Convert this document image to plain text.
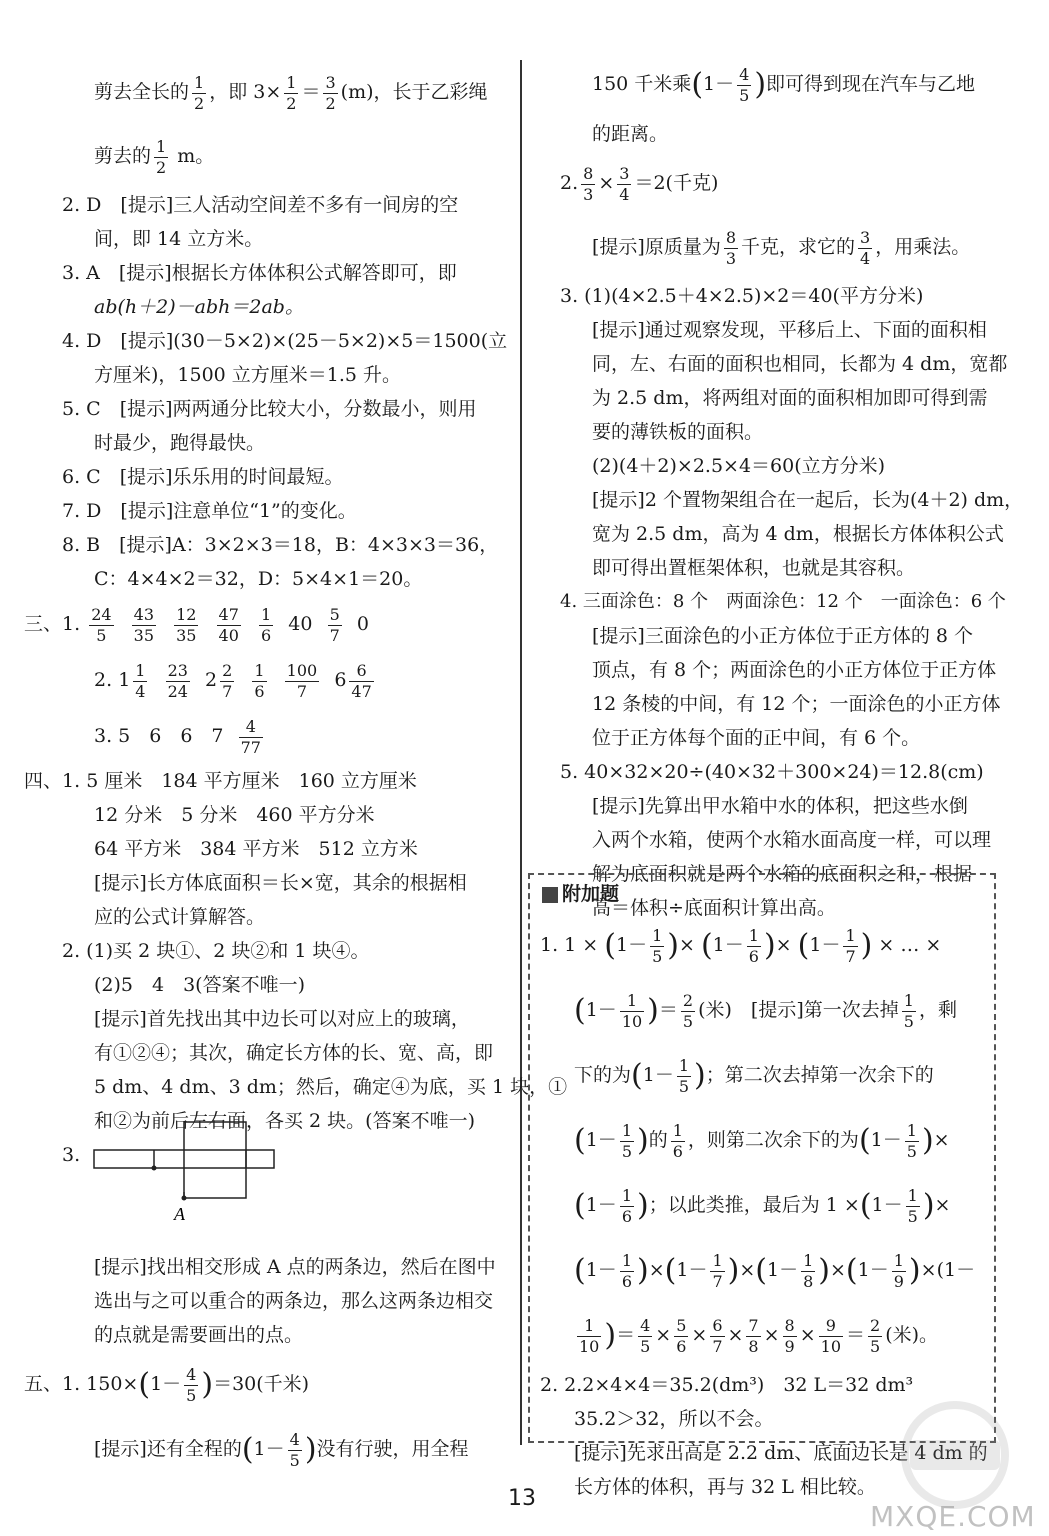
剪去全长的 $\frac{1}{2}$ ，即 $3\times \frac{1}{2} = \frac{3}{2} (m)$，长于乙彩绳
剪去的 $\frac{1}{2}$ m。
2. D　[提示]三人活动空间差不多有一间房的空
间，即 14 立方米。
3. A　[提示]根据长方体体积公式解答即可，即
ab(h＋2)－abh＝2ab。
4. D　[提示](30－5×2)×(25－5×2)×5＝1500(立
方厘米)，1500 立方厘米＝1.5 升。
5. C　[提示]两两通分比较大小，分数最小，则用
时最少，跑得最快。
6. C　[提示]乐乐用的时间最短。
7. D　[提示]注意单位“1”的变化。
8. B　[提示]A：3×2×3＝18，B：4×3×3＝36，
C：4×4×2＝32，D：5×4×1＝20。
三、1. $\frac{24}{5}$
$\frac{43}{35}$
$\frac{12}{35}$
$\frac{47}{40}$
$\frac{1}{6} 40 \frac{5}{7} 0$
2. $1 \frac{1}{4}$
$\frac{23}{24} 2 \frac{2}{7}$
$\frac{1}{6}$
$\frac{100}{7} 6 \frac{6}{47}$
3. 5　6　6　$7 \frac{4}{77}$
四、1. 5 厘米　184 平方厘米　160 立方厘米
12 分米　5 分米　460 平方分米
64 平方米　384 平方米　512 立方米
[提示]长方体底面积＝长×宽，其余的根据相
应的公式计算解答。
2. (1)买 2 块①、2 块②和 1 块④。
(2)5　4　3(答案不唯一)
[提示]首先找出其中边长可以对应上的玻璃，
有①②④；其次，确定长方体的长、宽、高，即
5 dm、4 dm、3 dm；然后，确定④为底，买 1 块，①
和②为前后左右面，各买 2 块。(答案不唯一)
3.
[提示]找出相交形成 A 点的两条边，然后在图中
选出与之可以重合的两条边，那么这两条边相交
的点就是需要画出的点。
五、1. $150\times(1- \frac{4}{5} )=30$(千米)
[提示]还有全程的($1- \frac{4}{5}$ )没有行驶，用全程
A
150 千米乘($1- \frac{4}{5}$ )即可得到现在汽车与乙地
的距离。
2. $\frac{8}{3} \times \frac{3}{4} =2$(千克)
[提示]原质量为 $\frac{8}{3}$ 千克，求它的 $\frac{3}{4}$ ，用乘法。
3. (1)(4×2.5＋4×2.5)×2＝40(平方分米)
[提示]通过观察发现，平移后上、下面的面积相
同，左、右面的面积也相同，长都为 4 dm，宽都
为 2.5 dm，将两组对面的面积相加即可得到需
要的薄铁板的面积。
(2)(4＋2)×2.5×4＝60(立方分米)
[提示]2 个置物架组合在一起后，长为(4＋2) dm，
宽为 2.5 dm，高为 4 dm，根据长方体体积公式
即可得出置框架体积，也就是其容积。
4. 三面涂色：8 个　两面涂色：12 个　一面涂色：6 个
[提示]三面涂色的小正方体位于正方体的 8 个
顶点，有 8 个；两面涂色的小正方体位于正方体
12 条棱的中间，有 12 个；一面涂色的小正方体
位于正方体每个面的正中间，有 6 个。
5. 40×32×20÷(40×32＋300×24)＝12.8(cm)
[提示]先算出甲水箱中水的体积，把这些水倒
入两个水箱，使两个水箱水面高度一样，可以理
解为底面积就是两个水箱的底面积之和，根据
高＝体积÷底面积计算出高。
附加题
1. $1 \times (1- \frac{1}{5}$ )× ($1- \frac{1}{6}$ )× ($1- \frac{1}{7}$ ) × … ×
($1- \frac{1}{10}$ )＝ $\frac{2}{5}$ (米)　[提示]第一次去掉 $\frac{1}{5}$ ，剩
下的为($1- \frac{1}{5}$ )；第二次去掉第一次余下的
($1- \frac{1}{5}$ )的 $\frac{1}{6}$ ，则第二次余下的为($1- \frac{1}{5}$ )×
($1- \frac{1}{6}$ )；以此类推，最后为 $1 \times(1- \frac{1}{5}$ )×
$(1- \frac{1}{6} )\times(1- \frac{1}{7} )\times(1- \frac{1}{8} )\times(1- \frac{1}{9} )\times(1-$
$\frac{1}{10}$ )＝ $\frac{4}{5} \times \frac{5}{6} \times \frac{6}{7} \times \frac{7}{8} \times \frac{8}{9} \times \frac{9}{10} = \frac{2}{5}$ (米)。
2. 2.2×4×4＝35.2(dm³)　32 L＝32 dm³
35.2＞32，所以不会。
[提示]先求出高是 2.2 dm、底面边长是 4 dm 的
长方体的体积，再与 32 L 相比较。
13
MXQE.COM
